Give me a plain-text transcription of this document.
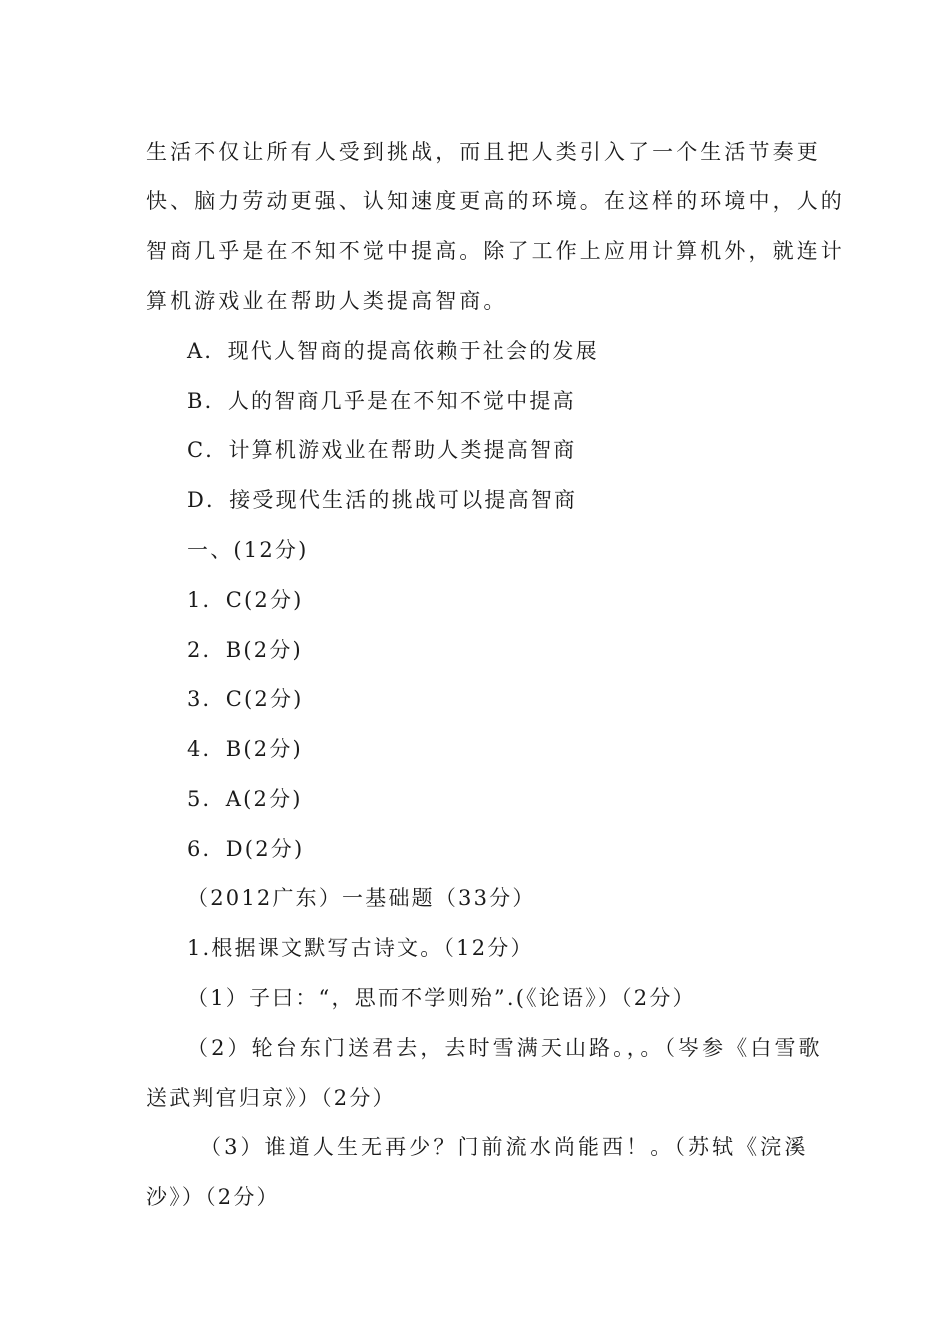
生活不仅让所有人受到挑战，而且把人类引入了一个生活节奏更
快、脑力劳动更强、认知速度更高的环境。在这样的环境中，人的
智商几乎是在不知不觉中提高。除了工作上应用计算机外，就连计
算机游戏业在帮助人类提高智商。
A．现代人智商的提高依赖于社会的发展
B．人的智商几乎是在不知不觉中提高
C．计算机游戏业在帮助人类提高智商
D．接受现代生活的挑战可以提高智商
一、(12分)
1．C(2分)
2．B(2分)
3．C(2分)
4．B(2分)
5．A(2分)
6．D(2分)
（2012广东）一基础题（33分）
1.根据课文默写古诗文。（12分）
（1）子曰：“，思而不学则殆”.(《论语》）（2分）
（2）轮台东门送君去，去时雪满天山路。，。（岑参《白雪歌
送武判官归京》）（2分）
（3）谁道人生无再少？门前流水尚能西！。（苏轼《浣溪
沙》）（2分）
